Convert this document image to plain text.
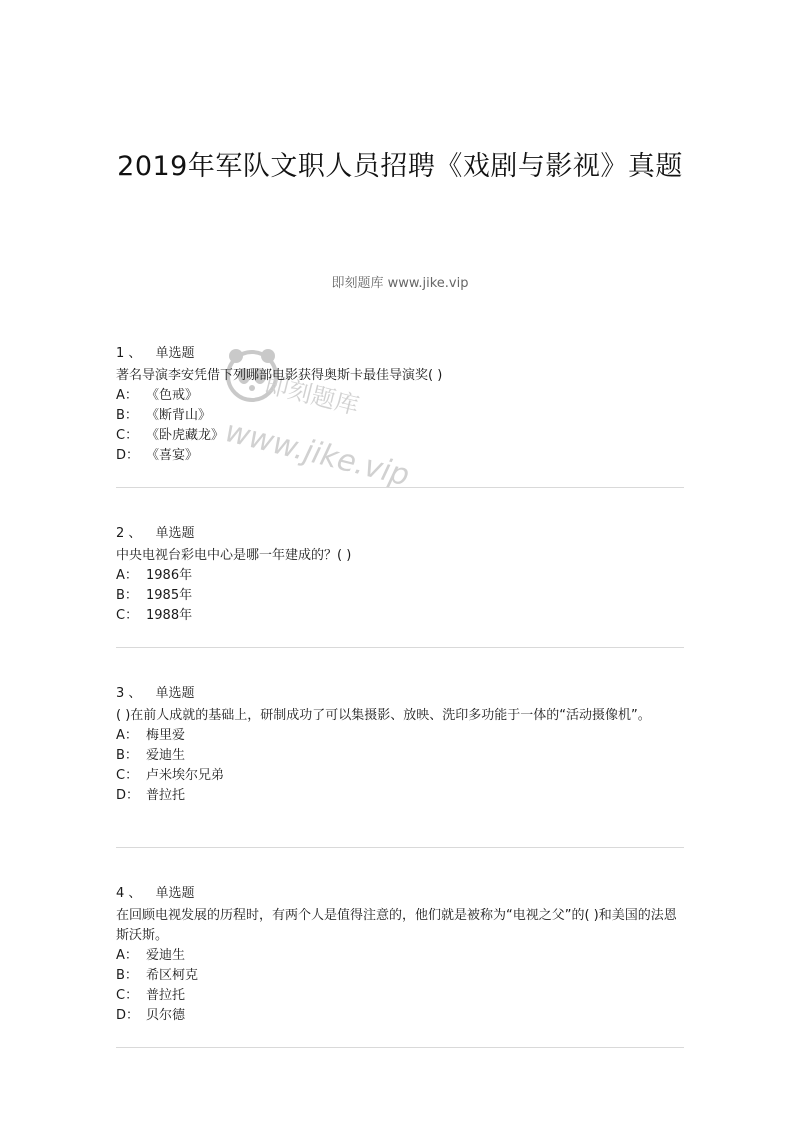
2019年军队文职人员招聘《戏剧与影视》真题
即刻题库 www.jike.vip
即刻题库
www.jike.vip
1 、 单选题

著名导演李安凭借下列哪部电影获得奥斯卡最佳导演奖( )

A： 《色戒》

B： 《断背山》

C： 《卧虎藏龙》

D： 《喜宴》

2 、 单选题

中央电视台彩电中心是哪一年建成的？( )

A： 1986年

B： 1985年

C： 1988年

3 、 单选题

( )在前人成就的基础上，研制成功了可以集摄影、放映、洗印多功能于一体的“活动摄像机”。

A： 梅里爱

B： 爱迪生

C： 卢米埃尔兄弟

D： 普拉托

4 、 单选题

在回顾电视发展的历程时，有两个人是值得注意的，他们就是被称为“电视之父”的( )和美国的法恩斯沃斯。

A： 爱迪生

B： 希区柯克

C： 普拉托

D： 贝尔德
